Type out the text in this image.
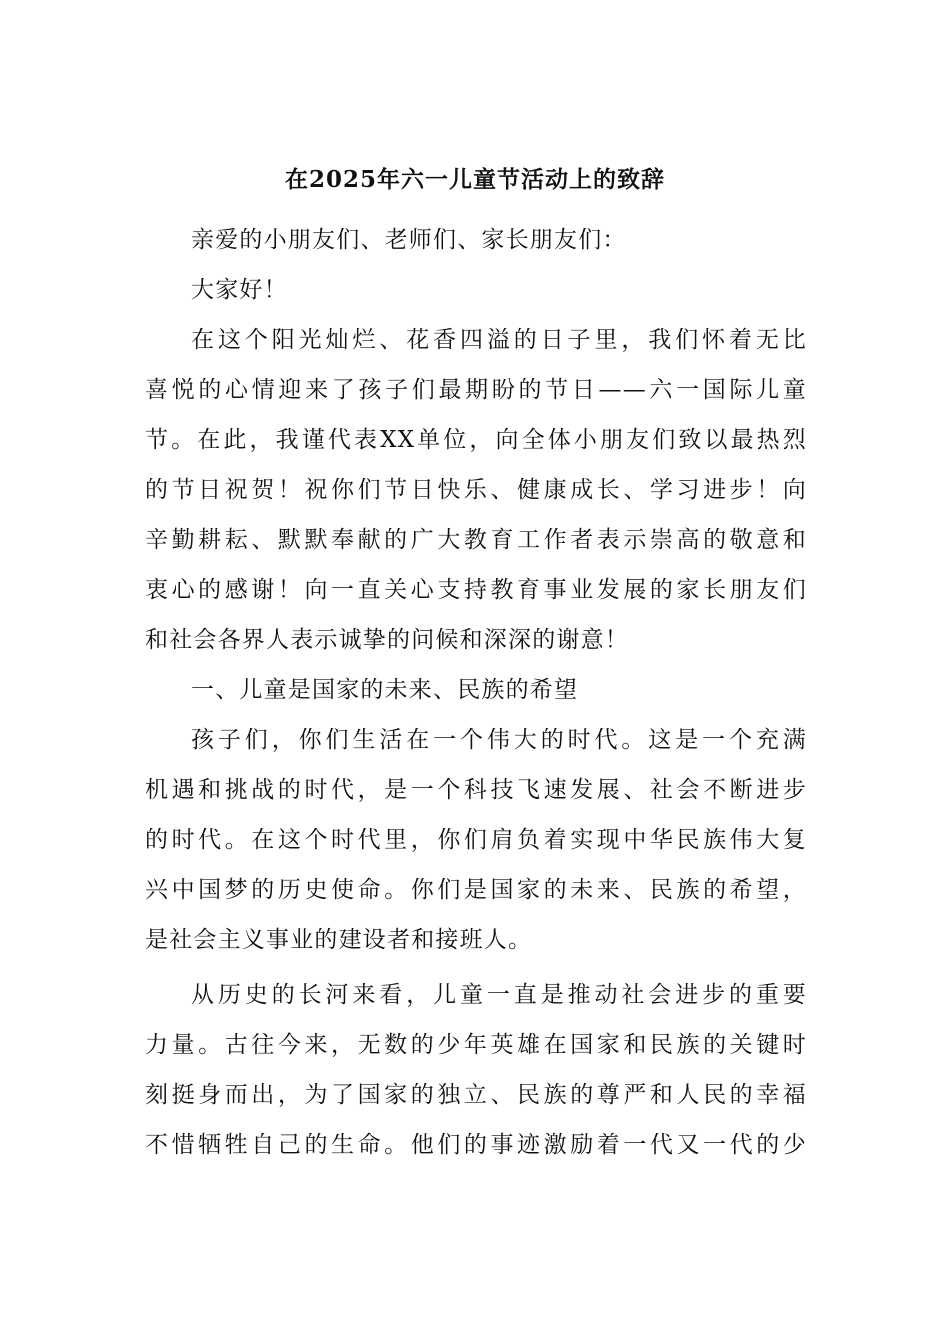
在2025年六一儿童节活动上的致辞

亲爱的小朋友们、老师们、家长朋友们：

大家好！

在这个阳光灿烂、花香四溢的日子里，我们怀着无比
喜悦的心情迎来了孩子们最期盼的节日——六一国际儿童
节。在此，我谨代表XX单位，向全体小朋友们致以最热烈
的节日祝贺！祝你们节日快乐、健康成长、学习进步！向
辛勤耕耘、默默奉献的广大教育工作者表示崇高的敬意和
衷心的感谢！向一直关心支持教育事业发展的家长朋友们
和社会各界人表示诚挚的问候和深深的谢意！

一、儿童是国家的未来、民族的希望

孩子们，你们生活在一个伟大的时代。这是一个充满
机遇和挑战的时代，是一个科技飞速发展、社会不断进步
的时代。在这个时代里，你们肩负着实现中华民族伟大复
兴中国梦的历史使命。你们是国家的未来、民族的希望，
是社会主义事业的建设者和接班人。
从历史的长河来看，儿童一直是推动社会进步的重要
力量。古往今来，无数的少年英雄在国家和民族的关键时
刻挺身而出，为了国家的独立、民族的尊严和人民的幸福
不惜牺牲自己的生命。他们的事迹激励着一代又一代的少
